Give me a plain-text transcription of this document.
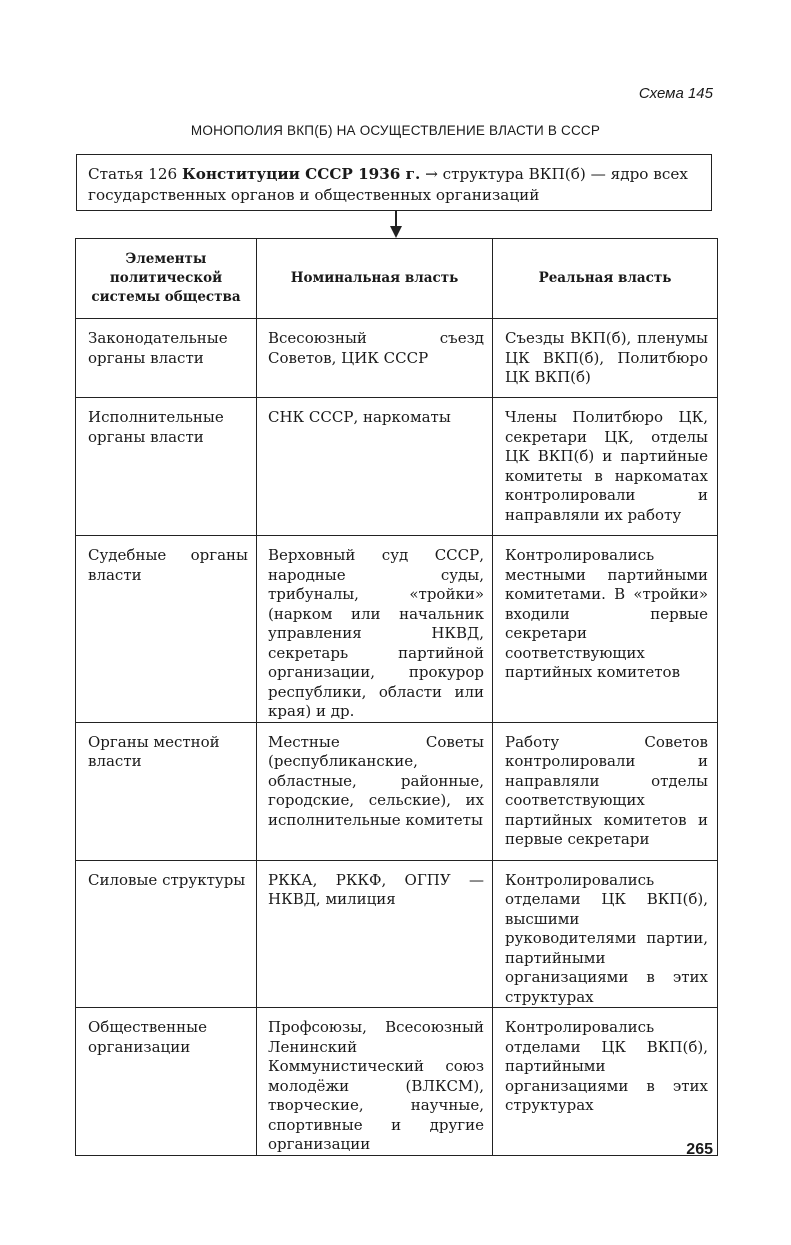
Схема 145
МОНОПОЛИЯ ВКП(Б) НА ОСУЩЕСТВЛЕНИЕ ВЛАСТИ В СССР
Статья 126 Конституции СССР 1936 г. → структура ВКП(б) — ядро всех государственных органов и общественных организаций
Элементы политической системы общества	Номинальная власть	Реальная власть
Законодательные органы власти	Всесоюзный съезд Советов, ЦИК СССР	Съезды ВКП(б), пленумы ЦК ВКП(б), Политбюро ЦК ВКП(б)
Исполнительные органы власти	СНК СССР, наркоматы	Члены Политбюро ЦК, секретари ЦК, отделы ЦК ВКП(б) и партийные комитеты в наркоматах контролировали и направляли их работу
Судебные органы власти	Верховный суд СССР, народные суды, трибуналы, «тройки» (нарком или начальник управления НКВД, секретарь партийной организации, прокурор республики, области или края) и др.	Контролировались местными партийными комитетами. В «тройки» входили первые секретари соответствующих партийных комитетов
Органы местной власти	Местные Советы (республиканские, областные, районные, городские, сельские), их исполнительные комитеты	Работу Советов контролировали и направляли отделы соответствующих партийных комитетов и первые секретари
Силовые структуры	РККА, РККФ, ОГПУ — НКВД, милиция	Контролировались отделами ЦК ВКП(б), высшими руководителями партии, партийными организациями в этих структурах
Общественные организации	Профсоюзы, Всесоюзный Ленинский Коммунистический союз молодёжи (ВЛКСМ), творческие, научные, спортивные и другие организации	Контролировались отделами ЦК ВКП(б), партийными организациями в этих структурах
265
